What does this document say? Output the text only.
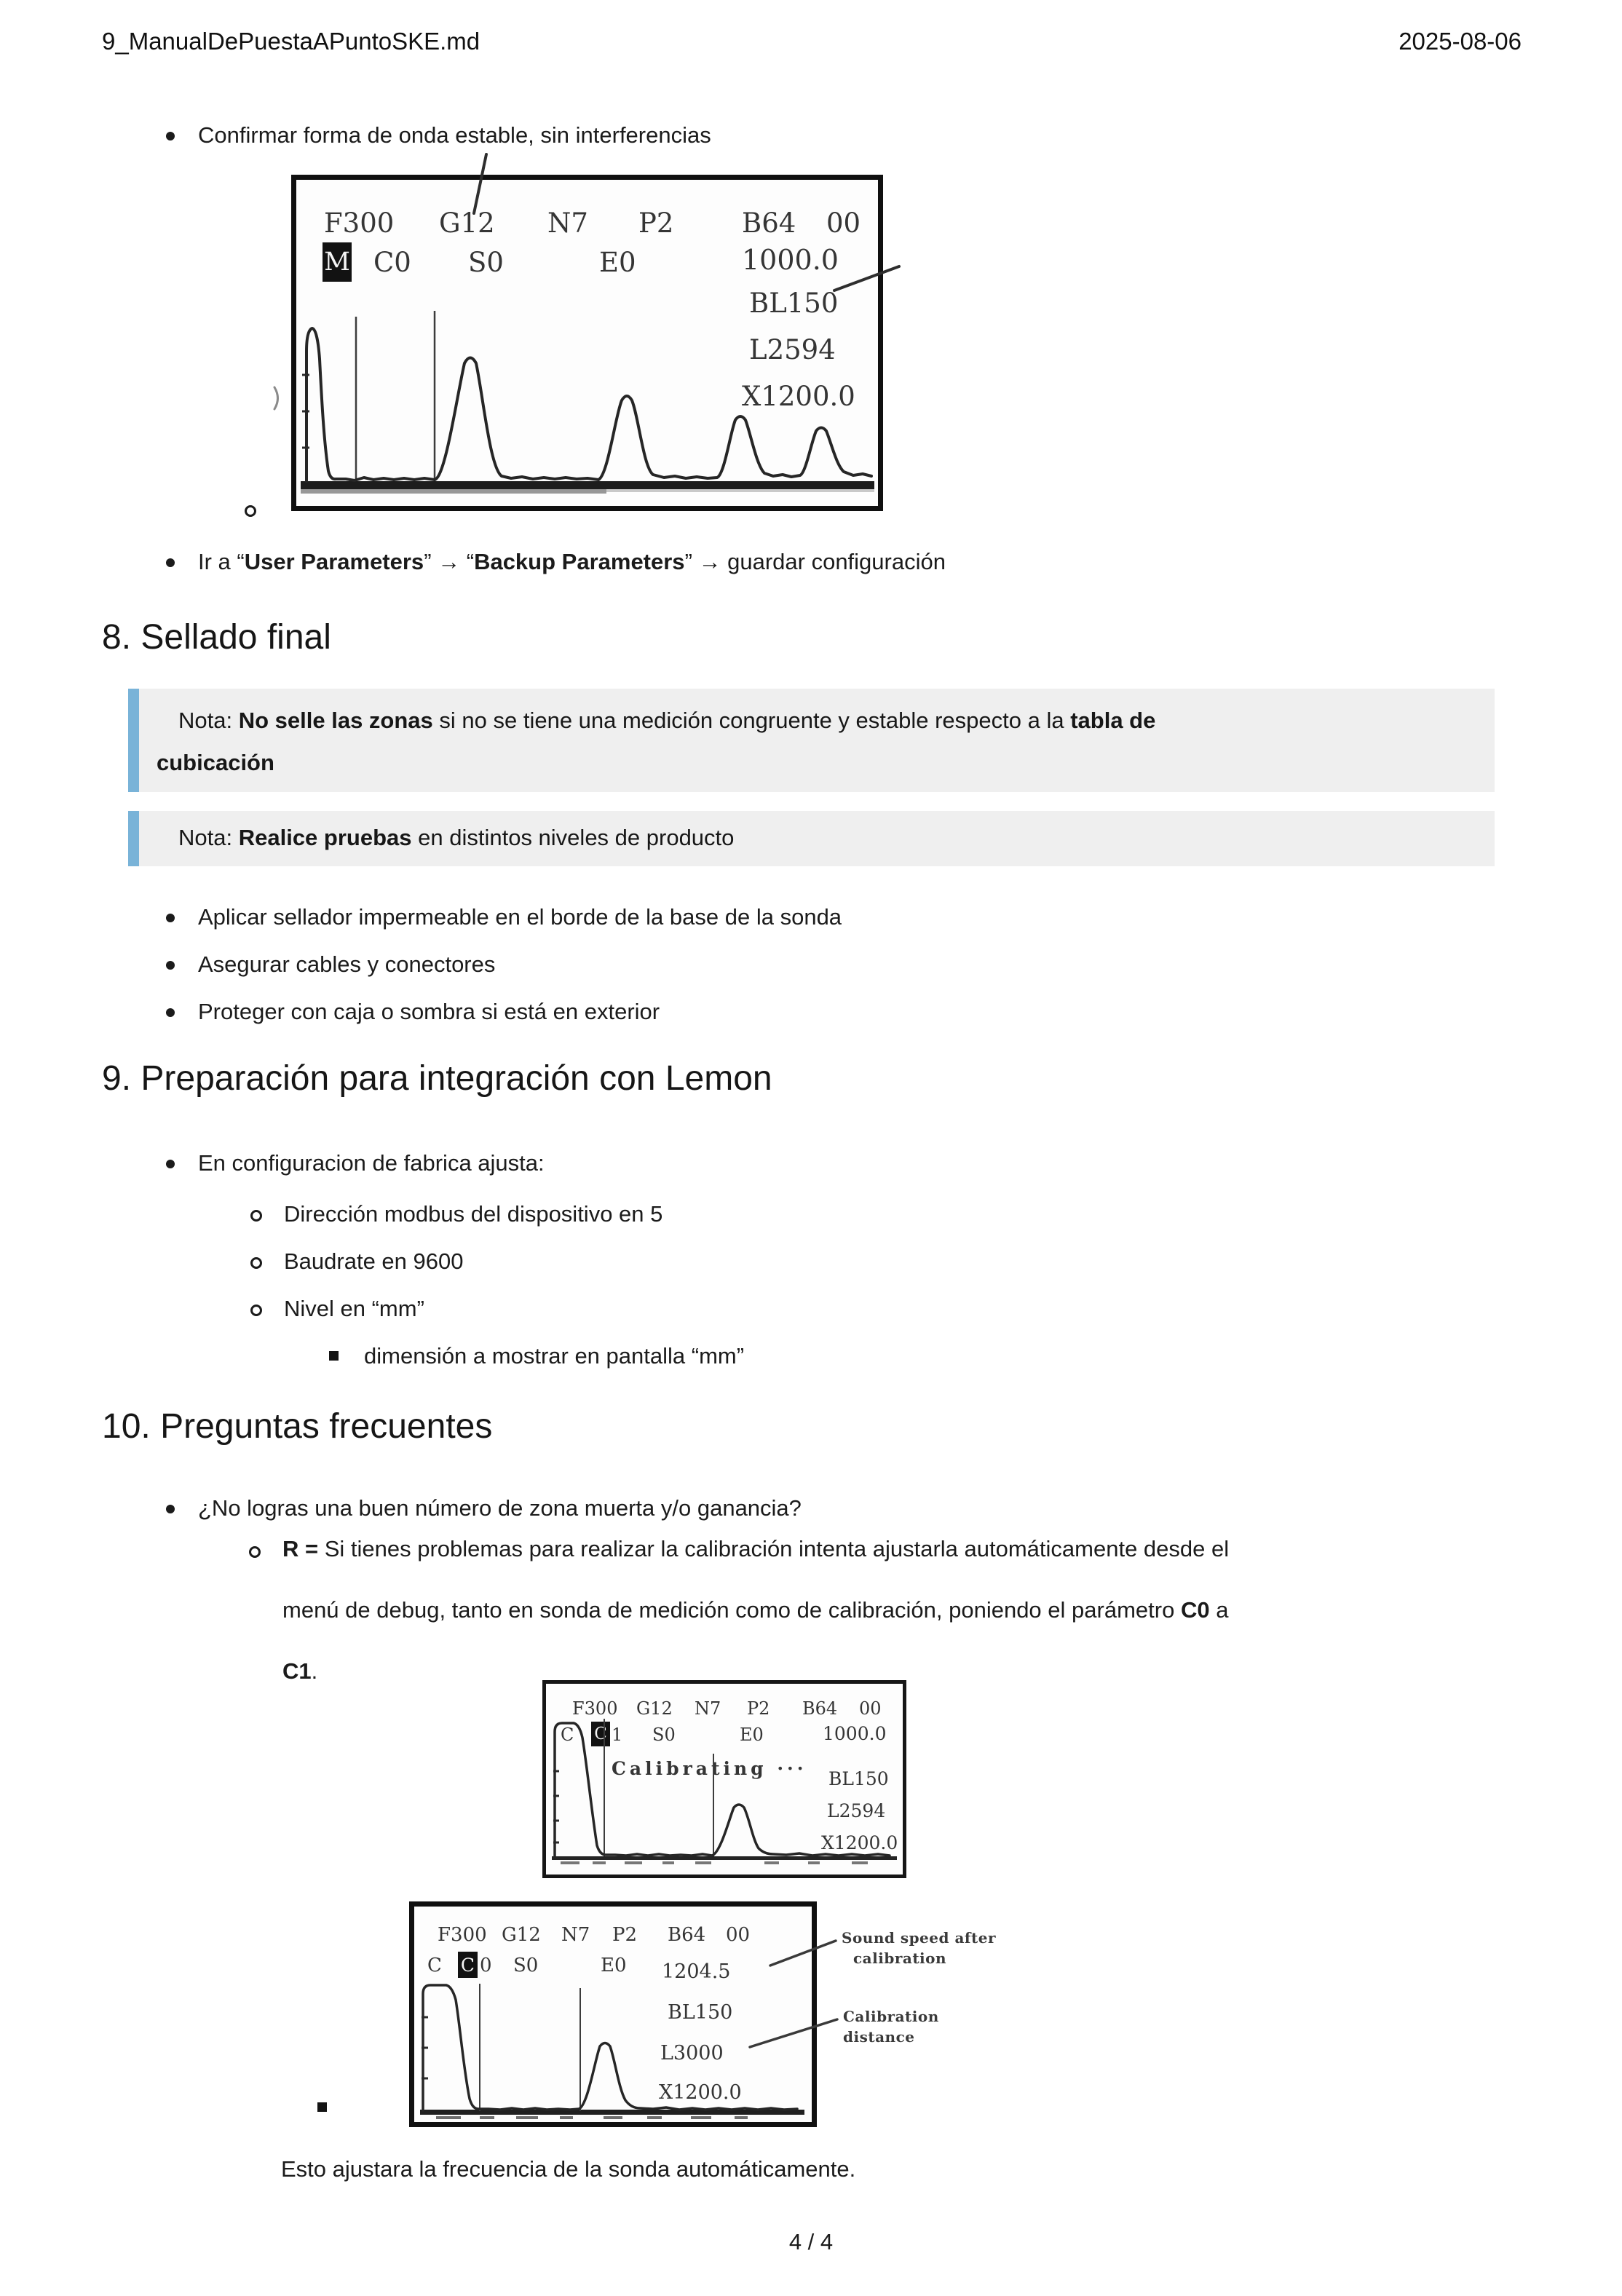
9_ManualDePuestaAPuntoSKE.md	2025-08-06
Confirmar forma de onda estable, sin interferencias
F300 G12 N7 P2	B64 00
M C0 S0	E0	1000.0
BL150
L2594
X1200.0
Ir a “User Parameters” → “Backup Parameters” → guardar configuración
8. Sellado final
Nota: No selle las zonas si no se tiene una medición congruente y estable respecto a la tabla de
cubicación
Nota: Realice pruebas en distintos niveles de producto
Aplicar sellador impermeable en el borde de la base de la sonda
Asegurar cables y conectores
Proteger con caja o sombra si está en exterior
9. Preparación para integración con Lemon
En configuracion de fabrica ajusta:
Dirección modbus del dispositivo en 5
Baudrate en 9600
Nivel en “mm”
dimensión a mostrar en pantalla “mm”
10. Preguntas frecuentes
¿No logras una buen número de zona muerta y/o ganancia?
R = Si tienes problemas para realizar la calibración intenta ajustarla automáticamente desde el
menú de debug, tanto en sonda de medición como de calibración, poniendo el parámetro C0 a
C1.
F300 G12 N7 P2 B64 00
C C 1 S0	E0	1000.0
Calibrating ··· BL150
L2594
X1200.0
F300 G12 N7 P2 B64 00
C C 0 S0	E0 1204.5
BL150
L3000
X1200.0
Sound speed after
calibration
Calibration
distance
Esto ajustara la frecuencia de la sonda automáticamente.
4 / 4
